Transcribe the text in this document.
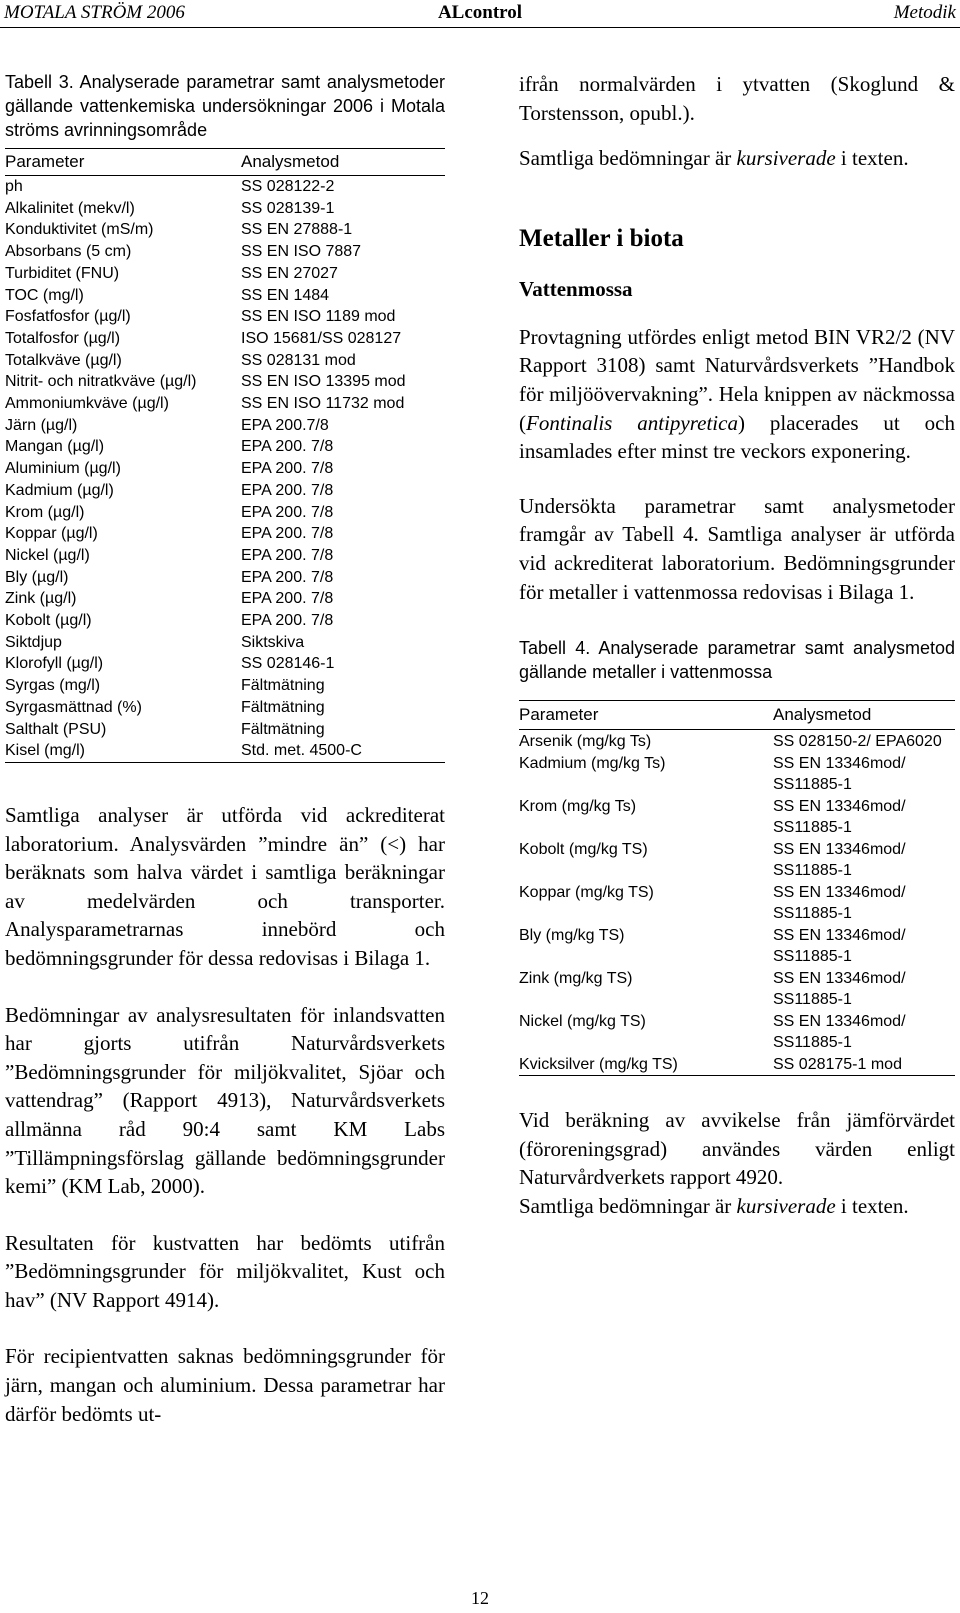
MOTALA STRÖM 2006	ALcontrol	Metodik
Tabell 3. Analyserade parametrar samt analysmetoder gällande vattenkemiska undersökningar 2006 i Motala ströms avrinningsområde
Parameter	Analysmetod
ph	SS 028122-2
Alkalinitet (mekv/l)	SS 028139-1
Konduktivitet (mS/m)	SS EN 27888-1
Absorbans (5 cm)	SS EN ISO 7887
Turbiditet (FNU)	SS EN 27027
TOC (mg/l)	SS EN 1484
Fosfatfosfor (µg/l)	SS EN ISO 1189 mod
Totalfosfor (µg/l)	ISO 15681/SS 028127
Totalkväve (µg/l)	SS 028131 mod
Nitrit- och nitratkväve (µg/l)	SS EN ISO 13395 mod
Ammoniumkväve (µg/l)	SS EN ISO 11732 mod
Järn (µg/l)	EPA 200.7/8
Mangan (µg/l)	EPA 200. 7/8
Aluminium (µg/l)	EPA 200. 7/8
Kadmium (µg/l)	EPA 200. 7/8
Krom (µg/l)	EPA 200. 7/8
Koppar (µg/l)	EPA 200. 7/8
Nickel (µg/l)	EPA 200. 7/8
Bly (µg/l)	EPA 200. 7/8
Zink (µg/l)	EPA 200. 7/8
Kobolt (µg/l)	EPA 200. 7/8
Siktdjup	Siktskiva
Klorofyll (µg/l)	SS 028146-1
Syrgas (mg/l)	Fältmätning
Syrgasmättnad (%)	Fältmätning
Salthalt (PSU)	Fältmätning
Kisel (mg/l)	Std. met. 4500-C

Samtliga analyser är utförda vid ackrediterat laboratorium. Analysvärden ”mindre än” (<) har beräknats som halva värdet i samtliga beräkningar av medelvärden och transporter. Analysparametrarnas innebörd och bedömningsgrunder för dessa redovisas i Bilaga 1.

Bedömningar av analysresultaten för inlandsvatten har gjorts utifrån Naturvårdsverkets ”Bedömningsgrunder för miljökvalitet, Sjöar och vattendrag” (Rapport 4913), Naturvårdsverkets allmänna råd 90:4 samt KM Labs ”Tillämpningsförslag gällande bedömningsgrunder kemi” (KM Lab, 2000).

Resultaten för kustvatten har bedömts utifrån ”Bedömningsgrunder för miljökvalitet, Kust och hav” (NV Rapport 4914).

För recipientvatten saknas bedömningsgrunder för järn, mangan och aluminium. Dessa parametrar har därför bedömts ut-

ifrån normalvärden i ytvatten (Skoglund & Torstensson, opubl.).

Samtliga bedömningar är kursiverade i texten.

Metaller i biota
Vattenmossa

Provtagning utfördes enligt metod BIN VR2/2 (NV Rapport 3108) samt Naturvårdsverkets ”Handbok för miljöövervakning”. Hela knippen av näckmossa (Fontinalis antipyretica) placerades ut och insamlades efter minst tre veckors exponering.

Undersökta parametrar samt analysmetoder framgår av Tabell 4. Samtliga analyser är utförda vid ackrediterat laboratorium. Bedömningsgrunder för metaller i vattenmossa redovisas i Bilaga 1.

Tabell 4. Analyserade parametrar samt analysmetod gällande metaller i vattenmossa
Parameter	Analysmetod
Arsenik (mg/kg Ts)	SS 028150-2/ EPA6020
Kadmium (mg/kg Ts)	SS EN 13346mod/ SS11885-1
Krom (mg/kg Ts)	SS EN 13346mod/ SS11885-1
Kobolt (mg/kg TS)	SS EN 13346mod/ SS11885-1
Koppar (mg/kg TS)	SS EN 13346mod/ SS11885-1
Bly (mg/kg TS)	SS EN 13346mod/ SS11885-1
Zink (mg/kg TS)	SS EN 13346mod/ SS11885-1
Nickel (mg/kg TS)	SS EN 13346mod/ SS11885-1
Kvicksilver (mg/kg TS)	SS 028175-1 mod

Vid beräkning av avvikelse från jämförvärdet (föroreningsgrad) användes värden enligt Naturvårdverkets rapport 4920.

Samtliga bedömningar är kursiverade i texten.

12
